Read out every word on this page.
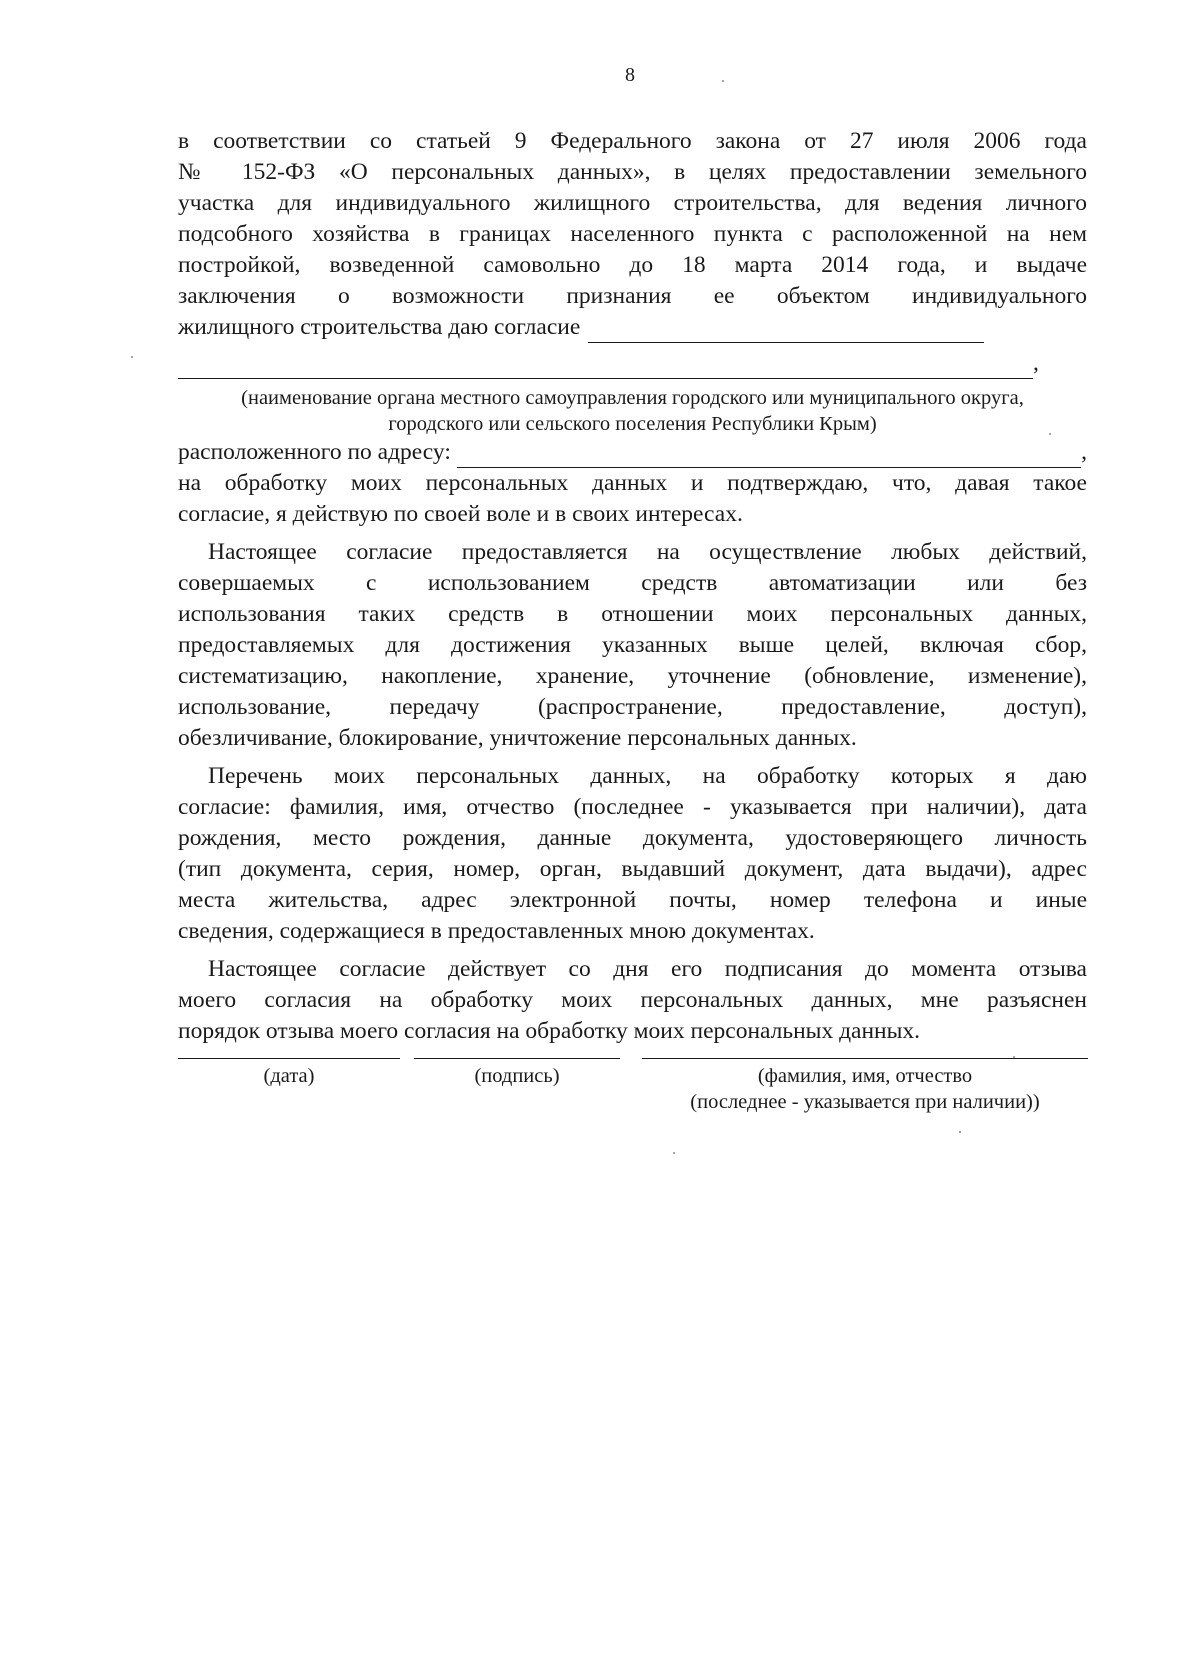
8
в соответствии со статьей 9 Федерального закона от 27 июля 2006 года
№ 152-ФЗ «О персональных данных», в целях предоставлении земельного
участка для индивидуального жилищного строительства, для ведения личного
подсобного хозяйства в границах населенного пункта с расположенной на нем
постройкой, возведенной самовольно до 18 марта 2014 года, и выдаче
заключения о возможности признания ее объектом индивидуального
жилищного строительства даю согласие
,
(наименование органа местного самоуправления городского или муниципального округа,
городского или сельского поселения Республики Крым)
расположенного по адресу:	,
на обработку моих персональных данных и подтверждаю, что, давая такое
согласие, я действую по своей воле и в своих интересах.
Настоящее согласие предоставляется на осуществление любых действий,
совершаемых с использованием средств автоматизации или без
использования таких средств в отношении моих персональных данных,
предоставляемых для достижения указанных выше целей, включая сбор,
систематизацию, накопление, хранение, уточнение (обновление, изменение),
использование, передачу (распространение, предоставление, доступ),
обезличивание, блокирование, уничтожение персональных данных.
Перечень моих персональных данных, на обработку которых я даю
согласие: фамилия, имя, отчество (последнее - указывается при наличии), дата
рождения, место рождения, данные документа, удостоверяющего личность
(тип документа, серия, номер, орган, выдавший документ, дата выдачи), адрес
места жительства, адрес электронной почты, номер телефона и иные
сведения, содержащиеся в предоставленных мною документах.
Настоящее согласие действует со дня его подписания до момента отзыва
моего согласия на обработку моих персональных данных, мне разъяснен
порядок отзыва моего согласия на обработку моих персональных данных.
(дата)	(подпись)	(фамилия, имя, отчество
(последнее - указывается при наличии))
